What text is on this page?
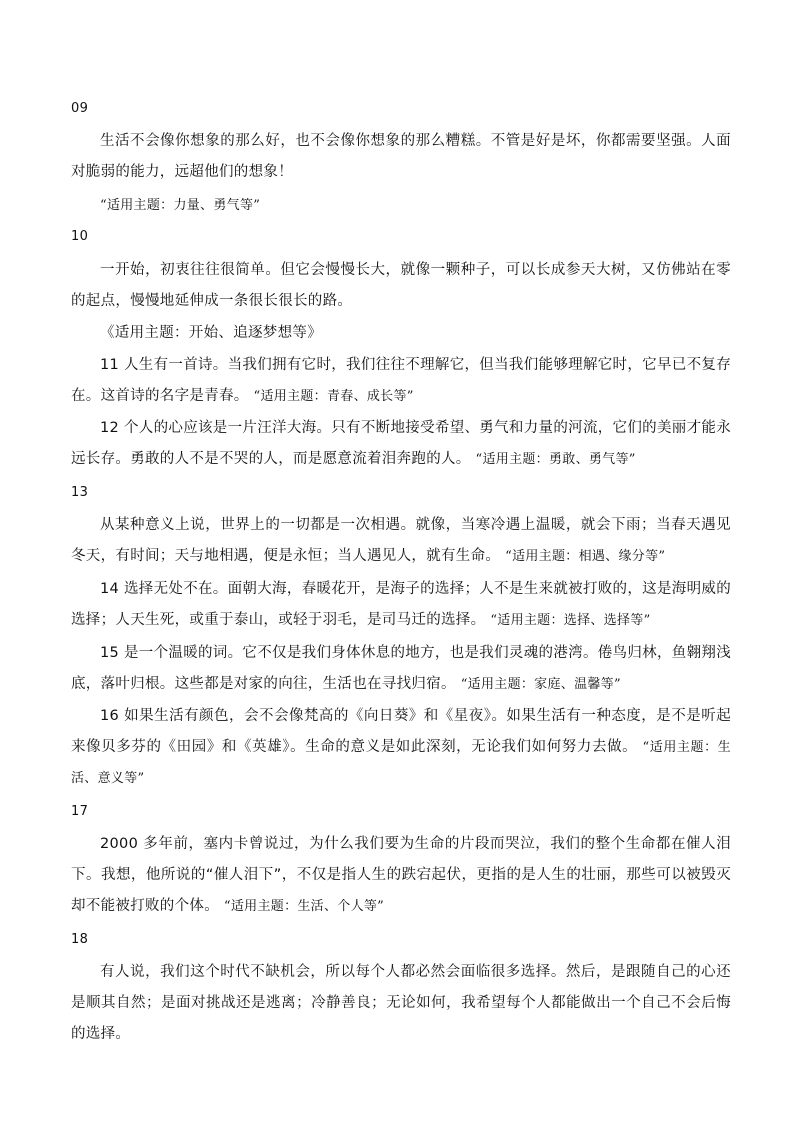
09

生活不会像你想象的那么好，也不会像你想象的那么糟糕。不管是好是坏，你都需要坚强。人面对脆弱的能力，远超他们的想象！

“适用主题：力量、勇气等”

10

一开始，初衷往往很简单。但它会慢慢长大，就像一颗种子，可以长成参天大树，又仿佛站在零的起点，慢慢地延伸成一条很长很长的路。

《适用主题：开始、追逐梦想等》

11 人生有一首诗。当我们拥有它时，我们往往不理解它，但当我们能够理解它时，它早已不复存在。这首诗的名字是青春。 “适用主题：青春、成长等”

12 个人的心应该是一片汪洋大海。只有不断地接受希望、勇气和力量的河流，它们的美丽才能永远长存。勇敢的人不是不哭的人，而是愿意流着泪奔跑的人。 “适用主题：勇敢、勇气等”

13

从某种意义上说，世界上的一切都是一次相遇。就像，当寒冷遇上温暖，就会下雨；当春天遇见冬天，有时间；天与地相遇，便是永恒；当人遇见人，就有生命。 “适用主题：相遇、缘分等”

14 选择无处不在。面朝大海，春暖花开，是海子的选择；人不是生来就被打败的，这是海明威的选择；人天生死，或重于泰山，或轻于羽毛，是司马迁的选择。 “适用主题：选择、选择等”

15 是一个温暖的词。它不仅是我们身体休息的地方，也是我们灵魂的港湾。倦鸟归林，鱼翱翔浅底，落叶归根。这些都是对家的向往，生活也在寻找归宿。 “适用主题：家庭、温馨等”

16 如果生活有颜色，会不会像梵高的《向日葵》和《星夜》。如果生活有一种态度，是不是听起来像贝多芬的《田园》和《英雄》。生命的意义是如此深刻，无论我们如何努力去做。 “适用主题：生活、意义等”

17

2000 多年前，塞内卡曾说过，为什么我们要为生命的片段而哭泣，我们的整个生命都在催人泪下。我想，他所说的“催人泪下”，不仅是指人生的跌宕起伏，更指的是人生的壮丽，那些可以被毁灭却不能被打败的个体。 “适用主题：生活、个人等”

18

有人说，我们这个时代不缺机会，所以每个人都必然会面临很多选择。然后，是跟随自己的心还是顺其自然；是面对挑战还是逃离；冷静善良；无论如何，我希望每个人都能做出一个自己不会后悔的选择。
